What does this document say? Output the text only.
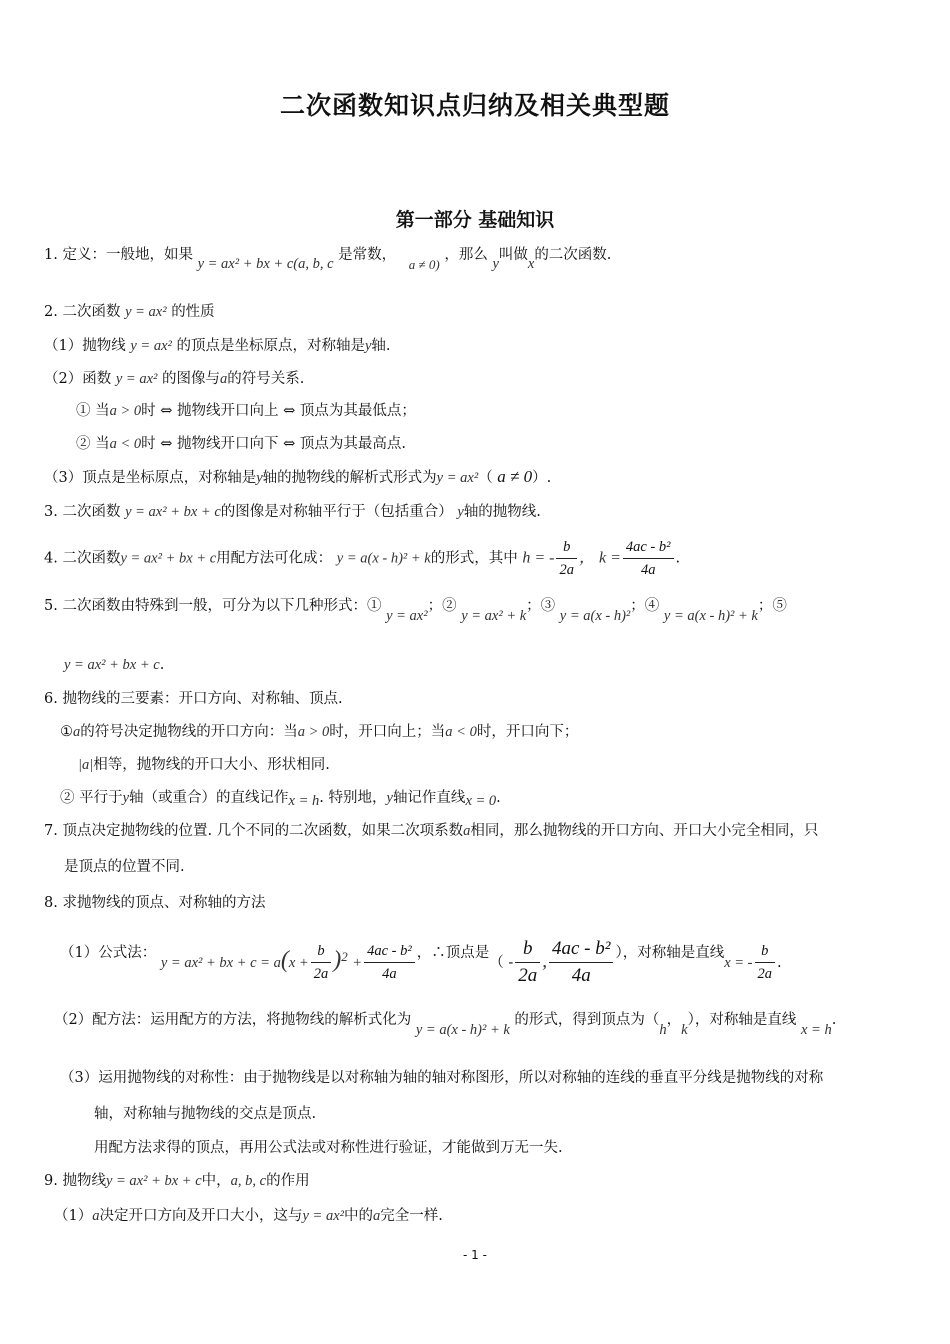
二次函数知识点归纳及相关典型题
第一部分 基础知识
1. 定义：一般地，如果 y = ax² + bx + c(a, b, c 是常数， a ≠ 0) ，那么 y叫做x的二次函数.
2. 二次函数 y = ax² 的性质
（1）抛物线 y = ax² 的顶点是坐标原点，对称轴是y轴.
（2）函数 y = ax² 的图像与a的符号关系.
① 当a > 0时 ⇔ 抛物线开口向上 ⇔ 顶点为其最低点；
② 当a < 0时 ⇔ 抛物线开口向下 ⇔ 顶点为其最高点.
（3）顶点是坐标原点，对称轴是y轴的抛物线的解析式形式为y = ax²（ a ≠ 0）.
3. 二次函数 y = ax² + bx + c的图像是对称轴平行于（包括重合） y轴的抛物线.
4. 二次函数y = ax² + bx + c用配方法可化成： y = a(x - h)² + k的形式，其中 h = - $\frac{b}{2a}$ ， $k = \frac{\text{4ac - b²}}{4a}$ .
5. 二次函数由特殊到一般，可分为以下几种形式：① y = ax²；② y = ax² + k；③ y = a(x - h)²；④ y = a(x - h)² + k；⑤
y = ax² + bx + c.
6. 抛物线的三要素：开口方向、对称轴、顶点.
①a的符号决定抛物线的开口方向：当a > 0时，开口向上；当a < 0时，开口向下；
|a|相等，抛物线的开口大小、形状相同.
② 平行于y轴（或重合）的直线记作x = h. 特别地，y轴记作直线x = 0.
7. 顶点决定抛物线的位置. 几个不同的二次函数，如果二次项系数a相同，那么抛物线的开口方向、开口大小完全相同，只
是顶点的位置不同.
8. 求抛物线的顶点、对称轴的方法
（1）公式法： y = ax² + bx + $c = a(x + \frac{b}{2a} )^2 + \frac{\text{4ac - b²}}{4a}$ ，∴顶点是（ - $\frac{b}{2a}$ , $\frac{\text{4ac - b²}}{4a}$ ），对称轴是直线x = - $\frac{b}{2a}$ .
（2）配方法：运用配方的方法，将抛物线的解析式化为 y = a(x - h)² + k 的形式，得到顶点为（h，k），对称轴是直线 x = h.
（3）运用抛物线的对称性：由于抛物线是以对称轴为轴的轴对称图形，所以对称轴的连线的垂直平分线是抛物线的对称
轴，对称轴与抛物线的交点是顶点.
用配方法求得的顶点，再用公式法或对称性进行验证，才能做到万无一失.
9. 抛物线y = ax² + bx + c中，a, b, c的作用
（1）a决定开口方向及开口大小，这与y = ax²中的a完全一样.
- 1 -
